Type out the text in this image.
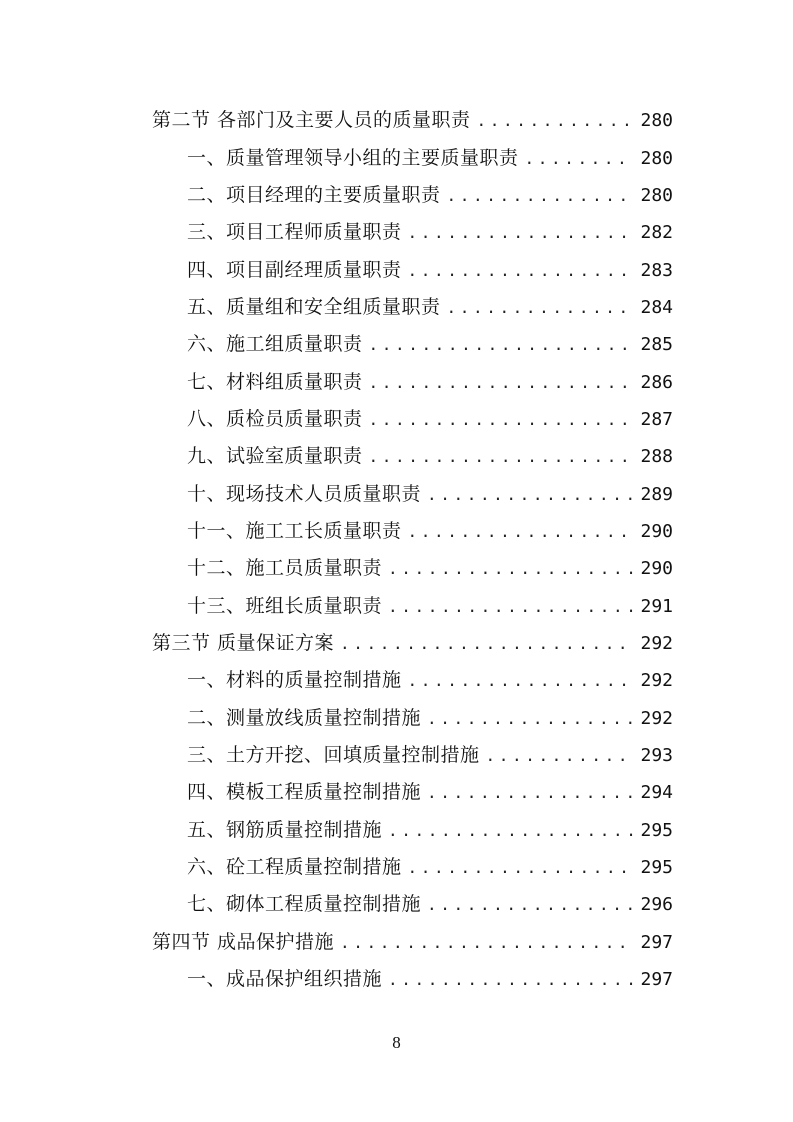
第二节 各部门及主要人员的质量职责 .....	280
一、质量管理领导小组的主要质量职责 .....	280
二、项目经理的主要质量职责 .....	280
三、项目工程师质量职责 .....	282
四、项目副经理质量职责 .....	283
五、质量组和安全组质量职责 .....	284
六、施工组质量职责 .....	285
七、材料组质量职责 .....	286
八、质检员质量职责 .....	287
九、试验室质量职责 .....	288
十、现场技术人员质量职责 .....	289
十一、施工工长质量职责 .....	290
十二、施工员质量职责 .....	290
十三、班组长质量职责 .....	291
第三节 质量保证方案 .....	292
一、材料的质量控制措施 .....	292
二、测量放线质量控制措施 .....	292
三、土方开挖、回填质量控制措施 .....	293
四、模板工程质量控制措施 .....	294
五、钢筋质量控制措施 .....	295
六、砼工程质量控制措施 .....	295
七、砌体工程质量控制措施 .....	296
第四节 成品保护措施 .....	297
一、成品保护组织措施 .....	297
8
